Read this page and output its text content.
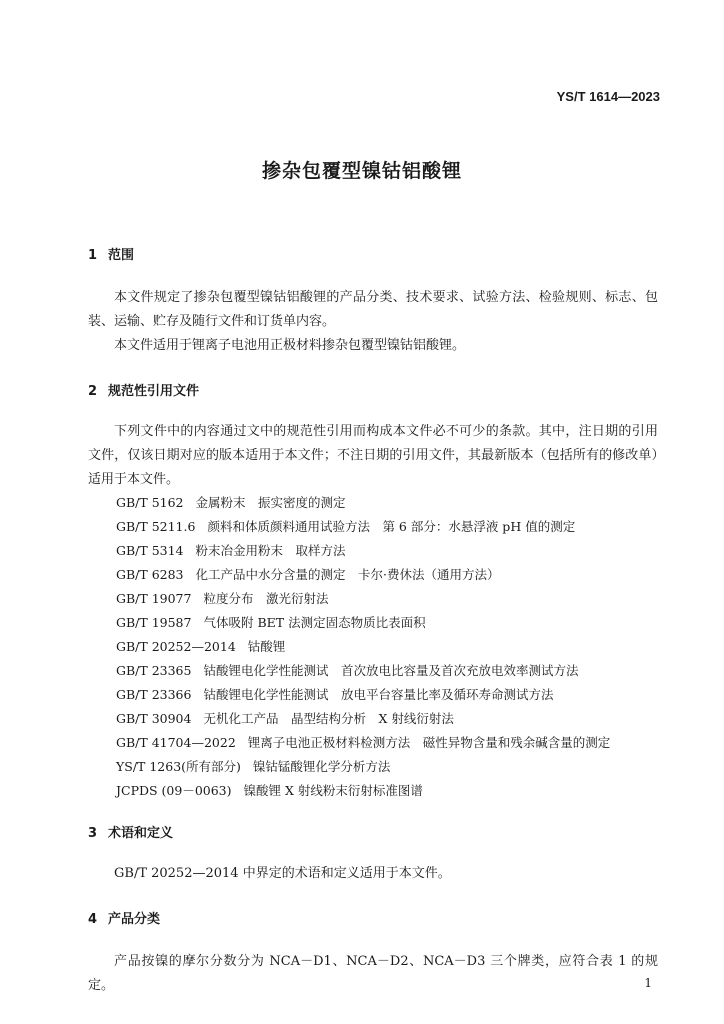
YS/T 1614—2023
掺杂包覆型镍钴铝酸锂
1 范围
本文件规定了掺杂包覆型镍钴铝酸锂的产品分类、技术要求、试验方法、检验规则、标志、包装、运输、贮存及随行文件和订货单内容。
本文件适用于锂离子电池用正极材料掺杂包覆型镍钴铝酸锂。
2 规范性引用文件
下列文件中的内容通过文中的规范性引用而构成本文件必不可少的条款。其中，注日期的引用文件，仅该日期对应的版本适用于本文件；不注日期的引用文件，其最新版本（包括所有的修改单）适用于本文件。
GB/T 5162 金属粉末　振实密度的测定
GB/T 5211.6 颜料和体质颜料通用试验方法　第 6 部分：水悬浮液 pH 值的测定
GB/T 5314 粉末冶金用粉末　取样方法
GB/T 6283 化工产品中水分含量的测定　卡尔·费休法（通用方法）
GB/T 19077 粒度分布　激光衍射法
GB/T 19587 气体吸附 BET 法测定固态物质比表面积
GB/T 20252—2014 钴酸锂
GB/T 23365 钴酸锂电化学性能测试　首次放电比容量及首次充放电效率测试方法
GB/T 23366 钴酸锂电化学性能测试　放电平台容量比率及循环寿命测试方法
GB/T 30904 无机化工产品　晶型结构分析　X 射线衍射法
GB/T 41704—2022 锂离子电池正极材料检测方法　磁性异物含量和残余碱含量的测定
YS/T 1263(所有部分) 镍钴锰酸锂化学分析方法
JCPDS (09－0063) 镍酸锂 X 射线粉末衍射标准图谱
3 术语和定义
GB/T 20252—2014 中界定的术语和定义适用于本文件。
4 产品分类
产品按镍的摩尔分数分为 NCA－D1、NCA－D2、NCA－D3 三个牌类，应符合表 1 的规定。	1
